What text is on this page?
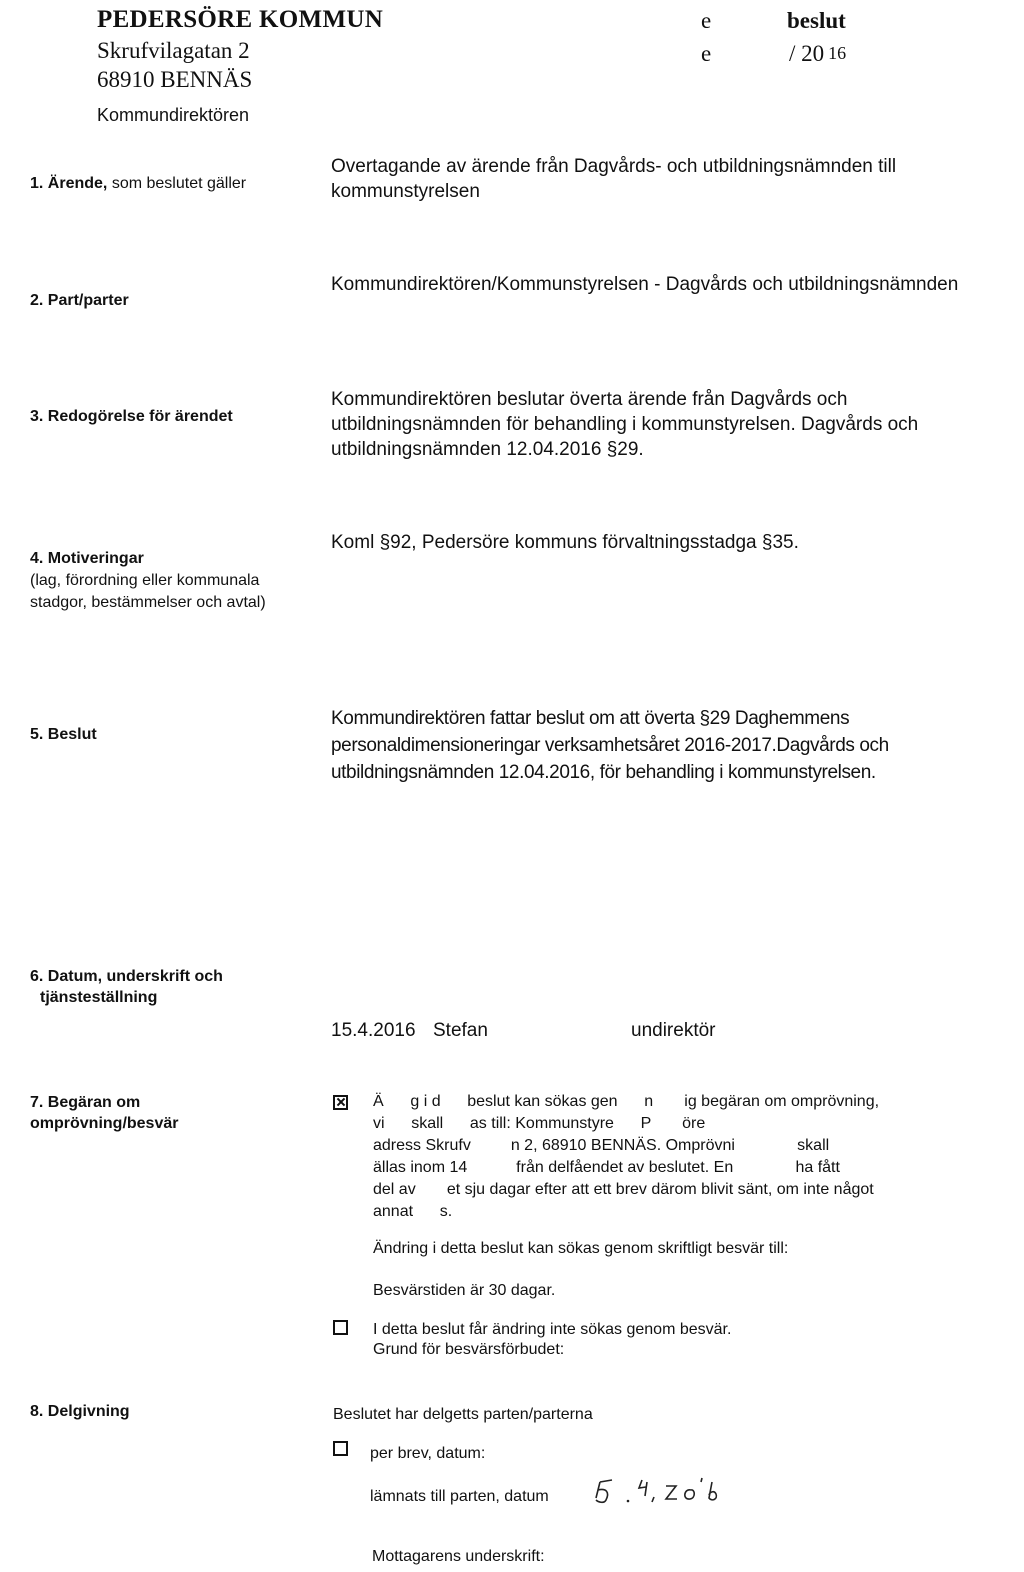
PEDERSÖRE KOMMUN
Skrufvilagatan 2
68910 BENNÄS
Kommundirektören
e	beslut
e	/ 20 16
1. Ärende, som beslutet gäller
Overtagande av ärende från Dagvårds- och utbildningsnämnden till
kommunstyrelsen
2. Part/parter
Kommundirektören/Kommunstyrelsen - Dagvårds och utbildningsnämnden
3. Redogörelse för ärendet
Kommundirektören beslutar överta ärende från Dagvårds och
utbildningsnämnden för behandling i kommunstyrelsen. Dagvårds och
utbildningsnämnden 12.04.2016 §29.
4. Motiveringar
(lag, förordning eller kommunala
stadgor, bestämmelser och avtal)
Koml §92, Pedersöre kommuns förvaltningsstadga §35.
5. Beslut
Kommundirektören fattar beslut om att överta §29 Daghemmens
personaldimensioneringar verksamhetsåret 2016-2017.Dagvårds och
utbildningsnämnden 12.04.2016, för behandling i kommunstyrelsen.
6. Datum, underskrift och
tjänsteställning
15.4.2016 Stefan	undirektör
7. Begäran om
omprövning/besvär
Ä      g i d      beslut kan sökas gen      n       ig begäran om omprövning,
vi      skall      as till: Kommunstyre      P       öre
adress Skrufv         n 2, 68910 BENNÄS. Omprövni              skall
ällas inom 14           från delfåendet av beslutet. En              ha fått
del av       et sju dagar efter att ett brev därom blivit sänt, om inte något
annat      s.
Ändring i detta beslut kan sökas genom skriftligt besvär till:
Besvärstiden är 30 dagar.
I detta beslut får ändring inte sökas genom besvär.
Grund för besvärsförbudet:
8. Delgivning	Beslutet har delgetts parten/parterna
per brev, datum:
lämnats till parten, datum
Mottagarens underskrift:
